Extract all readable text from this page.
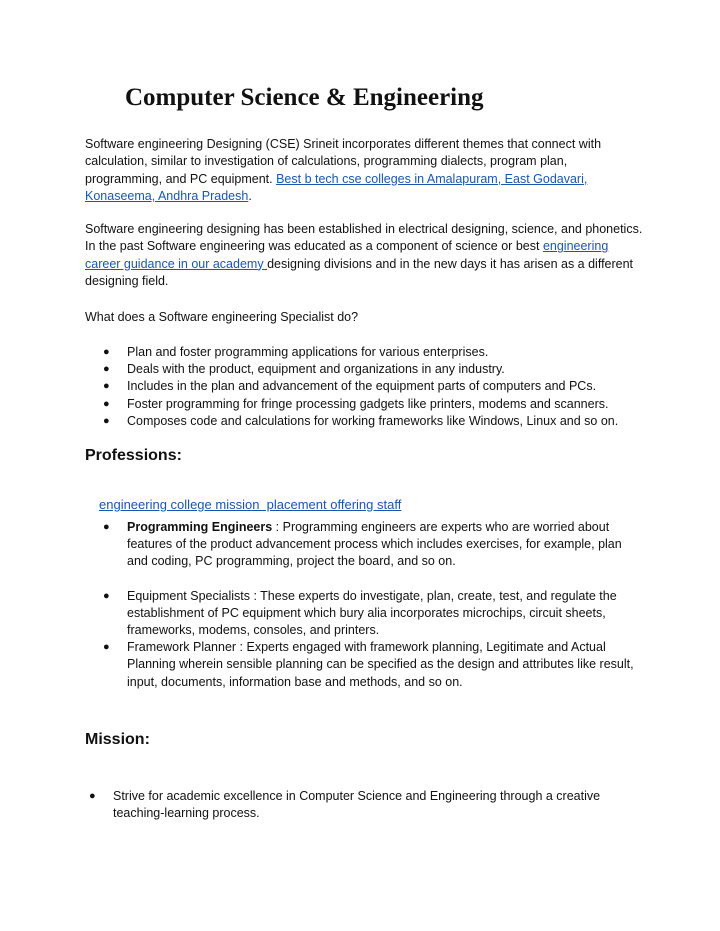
Computer Science & Engineering

Software engineering Designing (CSE) Srineit incorporates different themes that connect with calculation, similar to investigation of calculations, programming dialects, program plan, programming, and PC equipment. Best b tech cse colleges in Amalapuram, East Godavari, Konaseema, Andhra Pradesh.

Software engineering designing has been established in electrical designing, science, and phonetics. In the past Software engineering was educated as a component of science or best engineering career guidance in our academy designing divisions and in the new days it has arisen as a different designing field.

What does a Software engineering Specialist do?

● Plan and foster programming applications for various enterprises.
● Deals with the product, equipment and organizations in any industry.
● Includes in the plan and advancement of the equipment parts of computers and PCs.
● Foster programming for fringe processing gadgets like printers, modems and scanners.
● Composes code and calculations for working frameworks like Windows, Linux and so on.
Professions:
engineering college mission  placement offering staff
● Programming Engineers : Programming engineers are experts who are worried about features of the product advancement process which includes exercises, for example, plan and coding, PC programming, project the board, and so on.
● Equipment Specialists : These experts do investigate, plan, create, test, and regulate the establishment of PC equipment which bury alia incorporates microchips, circuit sheets, frameworks, modems, consoles, and printers.
● Framework Planner : Experts engaged with framework planning, Legitimate and Actual Planning wherein sensible planning can be specified as the design and attributes like result, input, documents, information base and methods, and so on.
Mission:
● Strive for academic excellence in Computer Science and Engineering through a creative teaching-learning process.
